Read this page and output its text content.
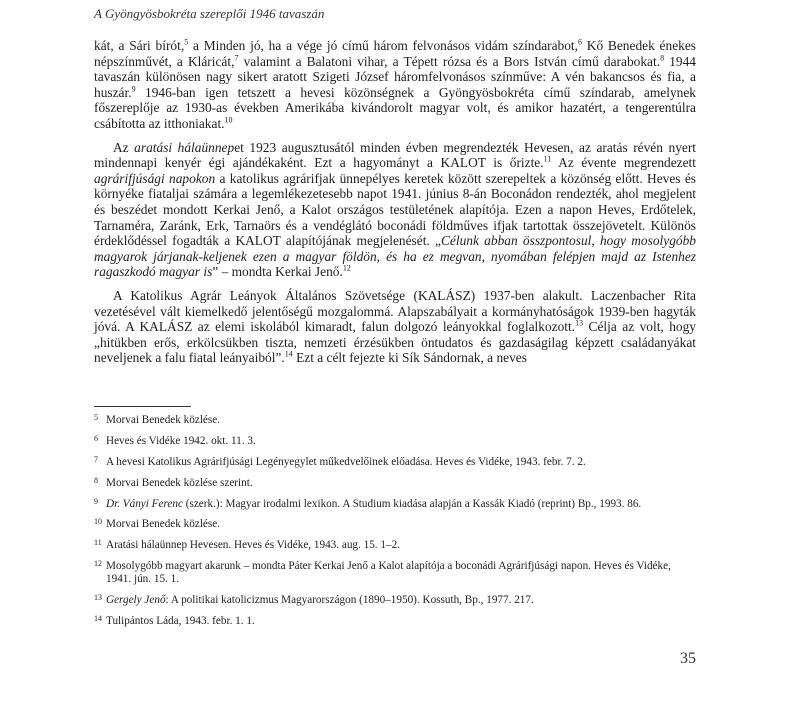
A Gyöngyösbokréta szereplői 1946 tavaszán

kát, a Sári bírót,$^5$ a Minden jó, ha a vége jó című három felvonásos vidám színdarabot,$^6$ Kő Benedek énekes népszínművét, a Kláricát,$^7$ valamint a Balatoni vihar, a Tépett rózsa és a Bors István című darabokat.$^8$ 1944 tavaszán különösen nagy sikert aratott Szigeti József háromfelvonásos színműve: A vén bakancsos és fia, a huszár.$^9$ 1946-ban igen tetszett a hevesi közönségnek a Gyöngyösbokréta című színdarab, amelynek főszereplője az 1930-as években Amerikába kivándorolt magyar volt, és amikor hazatért, a tengerentúlra csábította az itthoniakat.$^{10}$

Az aratási hálaünnepet 1923 augusztusától minden évben megrendezték Hevesen, az aratás révén nyert mindennapi kenyér égi ajándékaként. Ezt a hagyományt a KALOT is őrizte.$^{11}$ Az évente megrendezett agrárifjúsági napokon a katolikus agrárifjak ünnepélyes keretek között szerepeltek a közönség előtt. Heves és környéke fiataljai számára a legemlékezetesebb napot 1941. június 8-án Boconádon rendezték, ahol megjelent és beszédet mondott Kerkai Jenő, a Kalot országos testületének alapítója. Ezen a napon Heves, Erdőtelek, Tarnaméra, Zaránk, Erk, Tarnaörs és a vendéglátó boconádi földműves ifjak tartottak összejövetelt. Különös érdeklődéssel fogadták a KALOT alapítójának megjelenését. „Célunk abban összpontosul, hogy mosolygóbb magyarok járjanak-keljenek ezen a magyar földön, és ha ez megvan, nyomában felépjen majd az Istenhez ragaszkodó magyar is” – mondta Kerkai Jenő.$^{12}$

A Katolikus Agrár Leányok Általános Szövetsége (KALÁSZ) 1937-ben alakult. Laczenbacher Rita vezetésével vált kiemelkedő jelentőségű mozgalommá. Alapszabályait a kormányhatóságok 1939-ben hagyták jóvá. A KALÁSZ az elemi iskolából kimaradt, falun dolgozó leányokkal foglalkozott.$^{13}$ Célja az volt, hogy „hitükben erős, erkölcsükben tiszta, nemzeti érzésükben öntudatos és gazdaságilag képzett családanyákat neveljenek a falu fiatal leányaiból”.$^{14}$ Ezt a célt fejezte ki Sík Sándornak, a neves

5 Morvai Benedek közlése.
6 Heves és Vidéke 1942. okt. 11. 3.
7 A hevesi Katolikus Agrárifjúsági Legényegylet műkedvelőinek előadása. Heves és Vidéke, 1943. febr. 7. 2.
8 Morvai Benedek közlése szerint.
9 Dr. Ványi Ferenc (szerk.): Magyar irodalmi lexikon. A Studium kiadása alapján a Kassák Kiadó (reprint) Bp., 1993. 86.
10 Morvai Benedek közlése.
11 Aratási hálaünnep Hevesen. Heves és Vidéke, 1943. aug. 15. 1–2.
12 Mosolygóbb magyart akarunk – mondta Páter Kerkai Jenő a Kalot alapítója a boconádi Agrárifjúsági napon. Heves és Vidéke, 1941. jún. 15. 1.
13 Gergely Jenő: A politikai katolicizmus Magyarországon (1890–1950). Kossuth, Bp., 1977. 217.
14 Tulipántos Láda, 1943. febr. 1. 1.
35
